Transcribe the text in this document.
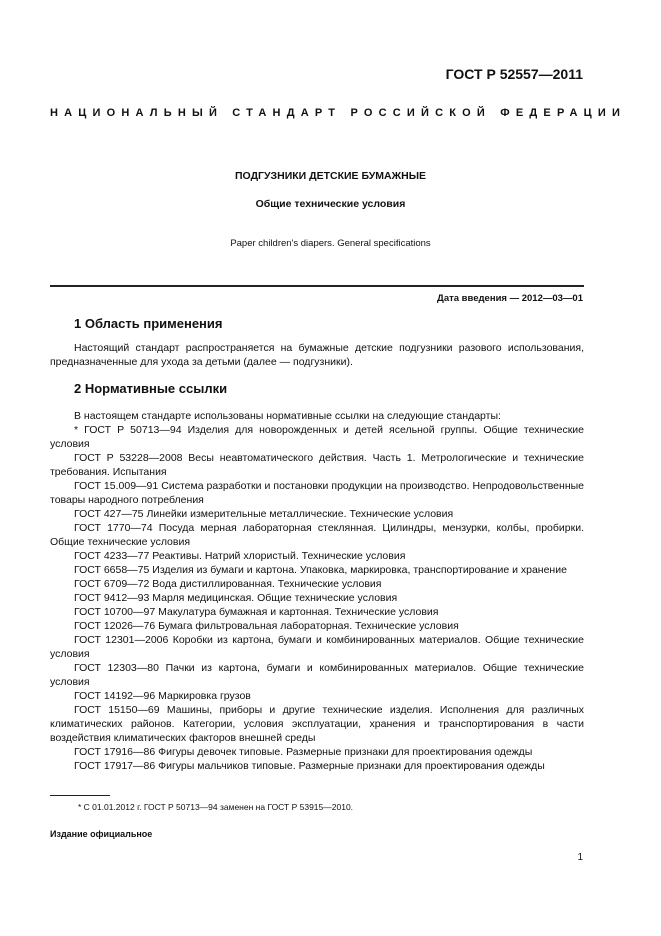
ГОСТ Р 52557—2011
НАЦИОНАЛЬНЫЙ СТАНДАРТ РОССИЙСКОЙ ФЕДЕРАЦИИ
ПОДГУЗНИКИ ДЕТСКИЕ БУМАЖНЫЕ
Общие технические условия
Paper children's diapers. General specifications
Дата введения — 2012—03—01
1 Область применения
Настоящий стандарт распространяется на бумажные детские подгузники разового использования, предназначенные для ухода за детьми (далее — подгузники).
2 Нормативные ссылки
В настоящем стандарте использованы нормативные ссылки на следующие стандарты:
* ГОСТ Р 50713—94 Изделия для новорожденных и детей ясельной группы. Общие технические условия
ГОСТ Р 53228—2008 Весы неавтоматического действия. Часть 1. Метрологические и технические требования. Испытания
ГОСТ 15.009—91 Система разработки и постановки продукции на производство. Непродовольственные товары народного потребления
ГОСТ 427—75 Линейки измерительные металлические. Технические условия
ГОСТ 1770—74 Посуда мерная лабораторная стеклянная. Цилиндры, мензурки, колбы, пробирки. Общие технические условия
ГОСТ 4233—77 Реактивы. Натрий хлористый. Технические условия
ГОСТ 6658—75 Изделия из бумаги и картона. Упаковка, маркировка, транспортирование и хранение
ГОСТ 6709—72 Вода дистиллированная. Технические условия
ГОСТ 9412—93 Марля медицинская. Общие технические условия
ГОСТ 10700—97 Макулатура бумажная и картонная. Технические условия
ГОСТ 12026—76 Бумага фильтровальная лабораторная. Технические условия
ГОСТ 12301—2006 Коробки из картона, бумаги и комбинированных материалов. Общие технические условия
ГОСТ 12303—80 Пачки из картона, бумаги и комбинированных материалов. Общие технические условия
ГОСТ 14192—96 Маркировка грузов
ГОСТ 15150—69 Машины, приборы и другие технические изделия. Исполнения для различных климатических районов. Категории, условия эксплуатации, хранения и транспортирования в части воздействия климатических факторов внешней среды
ГОСТ 17916—86 Фигуры девочек типовые. Размерные признаки для проектирования одежды
ГОСТ 17917—86 Фигуры мальчиков типовые. Размерные признаки для проектирования одежды
* С 01.01.2012 г. ГОСТ Р 50713—94 заменен на ГОСТ Р 53915—2010.
Издание официальное
1
